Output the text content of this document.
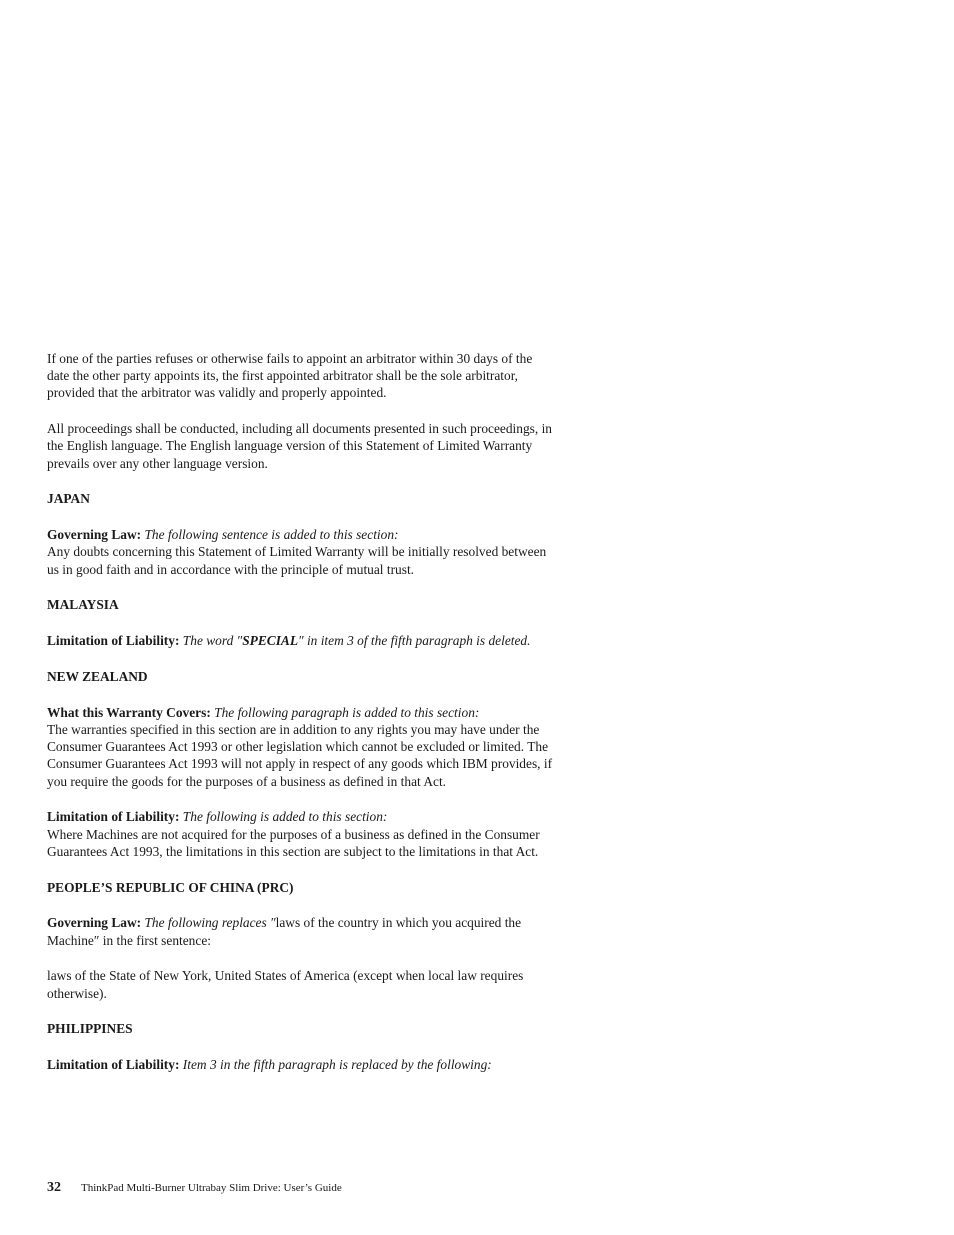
If one of the parties refuses or otherwise fails to appoint an arbitrator within 30 days of the date the other party appoints its, the first appointed arbitrator shall be the sole arbitrator, provided that the arbitrator was validly and properly appointed.

All proceedings shall be conducted, including all documents presented in such proceedings, in the English language. The English language version of this Statement of Limited Warranty prevails over any other language version.

JAPAN

Governing Law: The following sentence is added to this section:
Any doubts concerning this Statement of Limited Warranty will be initially resolved between us in good faith and in accordance with the principle of mutual trust.

MALAYSIA

Limitation of Liability: The word ″SPECIAL″ in item 3 of the fifth paragraph is deleted.

NEW ZEALAND

What this Warranty Covers: The following paragraph is added to this section:
The warranties specified in this section are in addition to any rights you may have under the Consumer Guarantees Act 1993 or other legislation which cannot be excluded or limited. The Consumer Guarantees Act 1993 will not apply in respect of any goods which IBM provides, if you require the goods for the purposes of a business as defined in that Act.

Limitation of Liability: The following is added to this section:
Where Machines are not acquired for the purposes of a business as defined in the Consumer Guarantees Act 1993, the limitations in this section are subject to the limitations in that Act.

PEOPLE’S REPUBLIC OF CHINA (PRC)

Governing Law: The following replaces ″laws of the country in which you acquired the Machine″ in the first sentence:

laws of the State of New York, United States of America (except when local law requires otherwise).

PHILIPPINES

Limitation of Liability: Item 3 in the fifth paragraph is replaced by the following:

32 ThinkPad Multi-Burner Ultrabay Slim Drive: User’s Guide
